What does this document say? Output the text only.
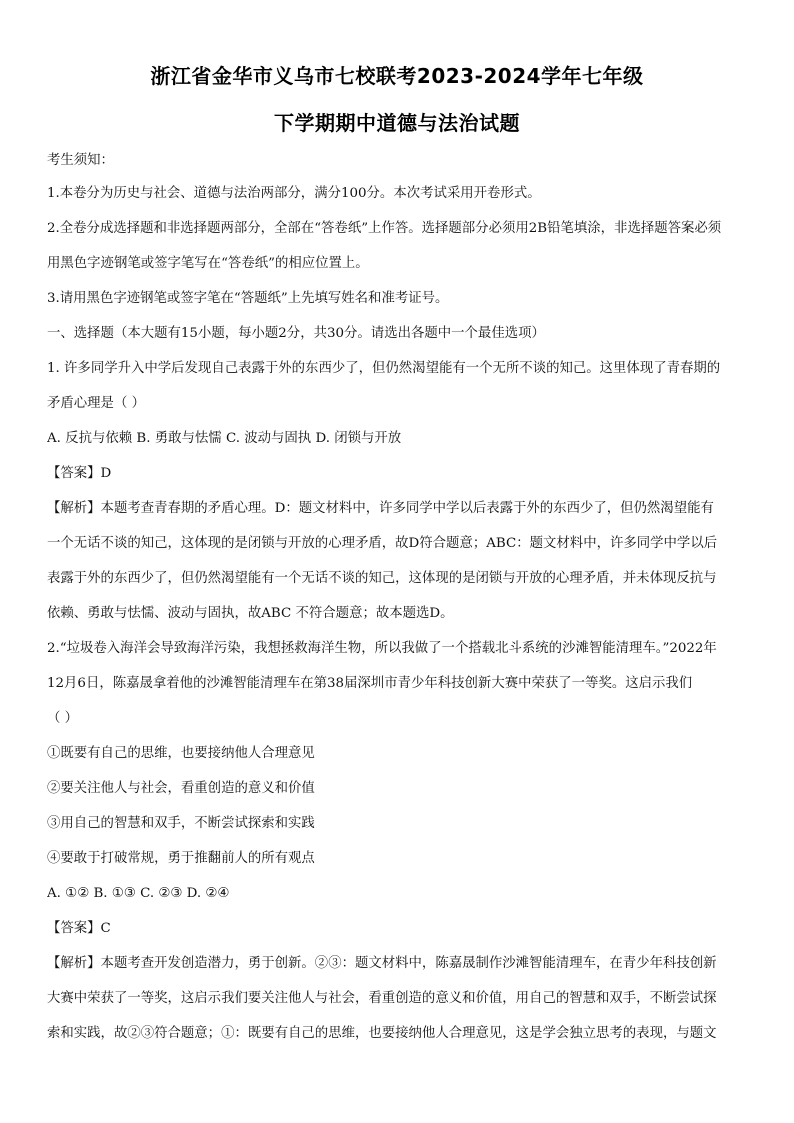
浙江省金华市义乌市七校联考2023-2024学年七年级
下学期期中道德与法治试题
考生须知：
1.本卷分为历史与社会、道德与法治两部分，满分100分。本次考试采用开卷形式。
2.全卷分成选择题和非选择题两部分，全部在“答卷纸”上作答。选择题部分必须用2B铅笔填涂，非选择题答案必须
用黑色字迹钢笔或签字笔写在“答卷纸”的相应位置上。
3.请用黑色字迹钢笔或签字笔在“答题纸”上先填写姓名和准考证号。
一、选择题（本大题有15小题，每小题2分，共30分。请选出各题中一个最佳选项）
1. 许多同学升入中学后发现自己表露于外的东西少了，但仍然渴望能有一个无所不谈的知己。这里体现了青春期的
矛盾心理是（ ）
A. 反抗与依赖 B. 勇敢与怯懦 C. 波动与固执 D. 闭锁与开放
【答案】D
【解析】本题考查青春期的矛盾心理。D：题文材料中，许多同学中学以后表露于外的东西少了，但仍然渴望能有
一个无话不谈的知己，这体现的是闭锁与开放的心理矛盾，故D符合题意；ABC：题文材料中，许多同学中学以后
表露于外的东西少了，但仍然渴望能有一个无话不谈的知己，这体现的是闭锁与开放的心理矛盾，并未体现反抗与
依赖、勇敢与怯懦、波动与固执，故ABC 不符合题意；故本题选D。
2.“垃圾卷入海洋会导致海洋污染，我想拯救海洋生物，所以我做了一个搭载北斗系统的沙滩智能清理车。”2022年
12月6日，陈嘉晟拿着他的沙滩智能清理车在第38届深圳市青少年科技创新大赛中荣获了一等奖。这启示我们
（ ）
①既要有自己的思维，也要接纳他人合理意见
②要关注他人与社会，看重创造的意义和价值
③用自己的智慧和双手，不断尝试探索和实践
④要敢于打破常规，勇于推翻前人的所有观点
A. ①② B. ①③ C. ②③ D. ②④
【答案】C
【解析】本题考查开发创造潜力，勇于创新。②③：题文材料中，陈嘉晟制作沙滩智能清理车，在青少年科技创新
大赛中荣获了一等奖，这启示我们要关注他人与社会，看重创造的意义和价值，用自己的智慧和双手，不断尝试探
索和实践，故②③符合题意；①：既要有自己的思维，也要接纳他人合理意见，这是学会独立思考的表现，与题文
